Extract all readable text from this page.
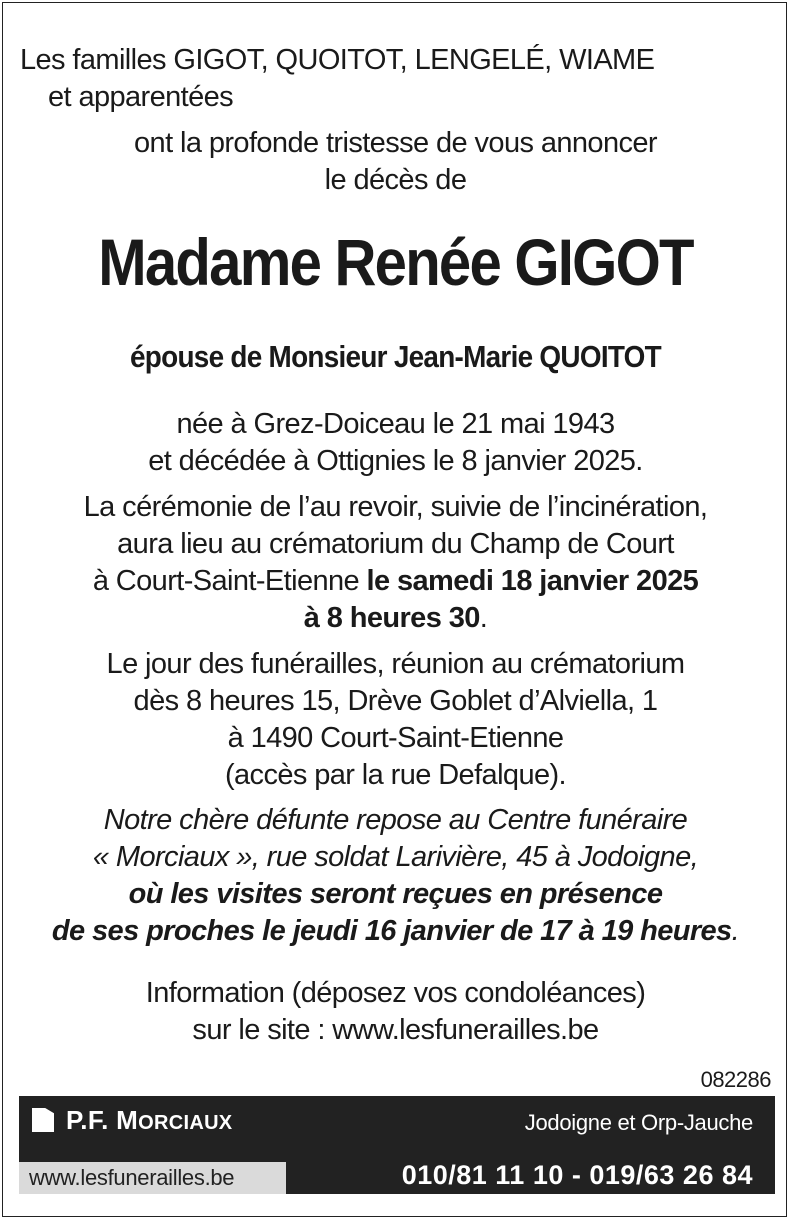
Les familles GIGOT, QUOITOT, LENGELÉ, WIAME
et apparentées
ont la profonde tristesse de vous annoncer
le décès de
Madame Renée GIGOT
épouse de Monsieur Jean-Marie QUOITOT
née à Grez-Doiceau le 21 mai 1943
et décédée à Ottignies le 8 janvier 2025.
La cérémonie de l’au revoir, suivie de l’incinération,
aura lieu au crématorium du Champ de Court
à Court-Saint-Etienne le samedi 18 janvier 2025
à 8 heures 30.
Le jour des funérailles, réunion au crématorium
dès 8 heures 15, Drève Goblet d’Alviella, 1
à 1490 Court-Saint-Etienne
(accès par la rue Defalque).
Notre chère défunte repose au Centre funéraire
« Morciaux », rue soldat Larivière, 45 à Jodoigne,
où les visites seront reçues en présence
de ses proches le jeudi 16 janvier de 17 à 19 heures.
Information (déposez vos condoléances)
sur le site : www.lesfunerailles.be
082286
P.F. MORCIAUX	Jodoigne et Orp-Jauche
www.lesfunerailles.be	010/81 11 10 - 019/63 26 84
